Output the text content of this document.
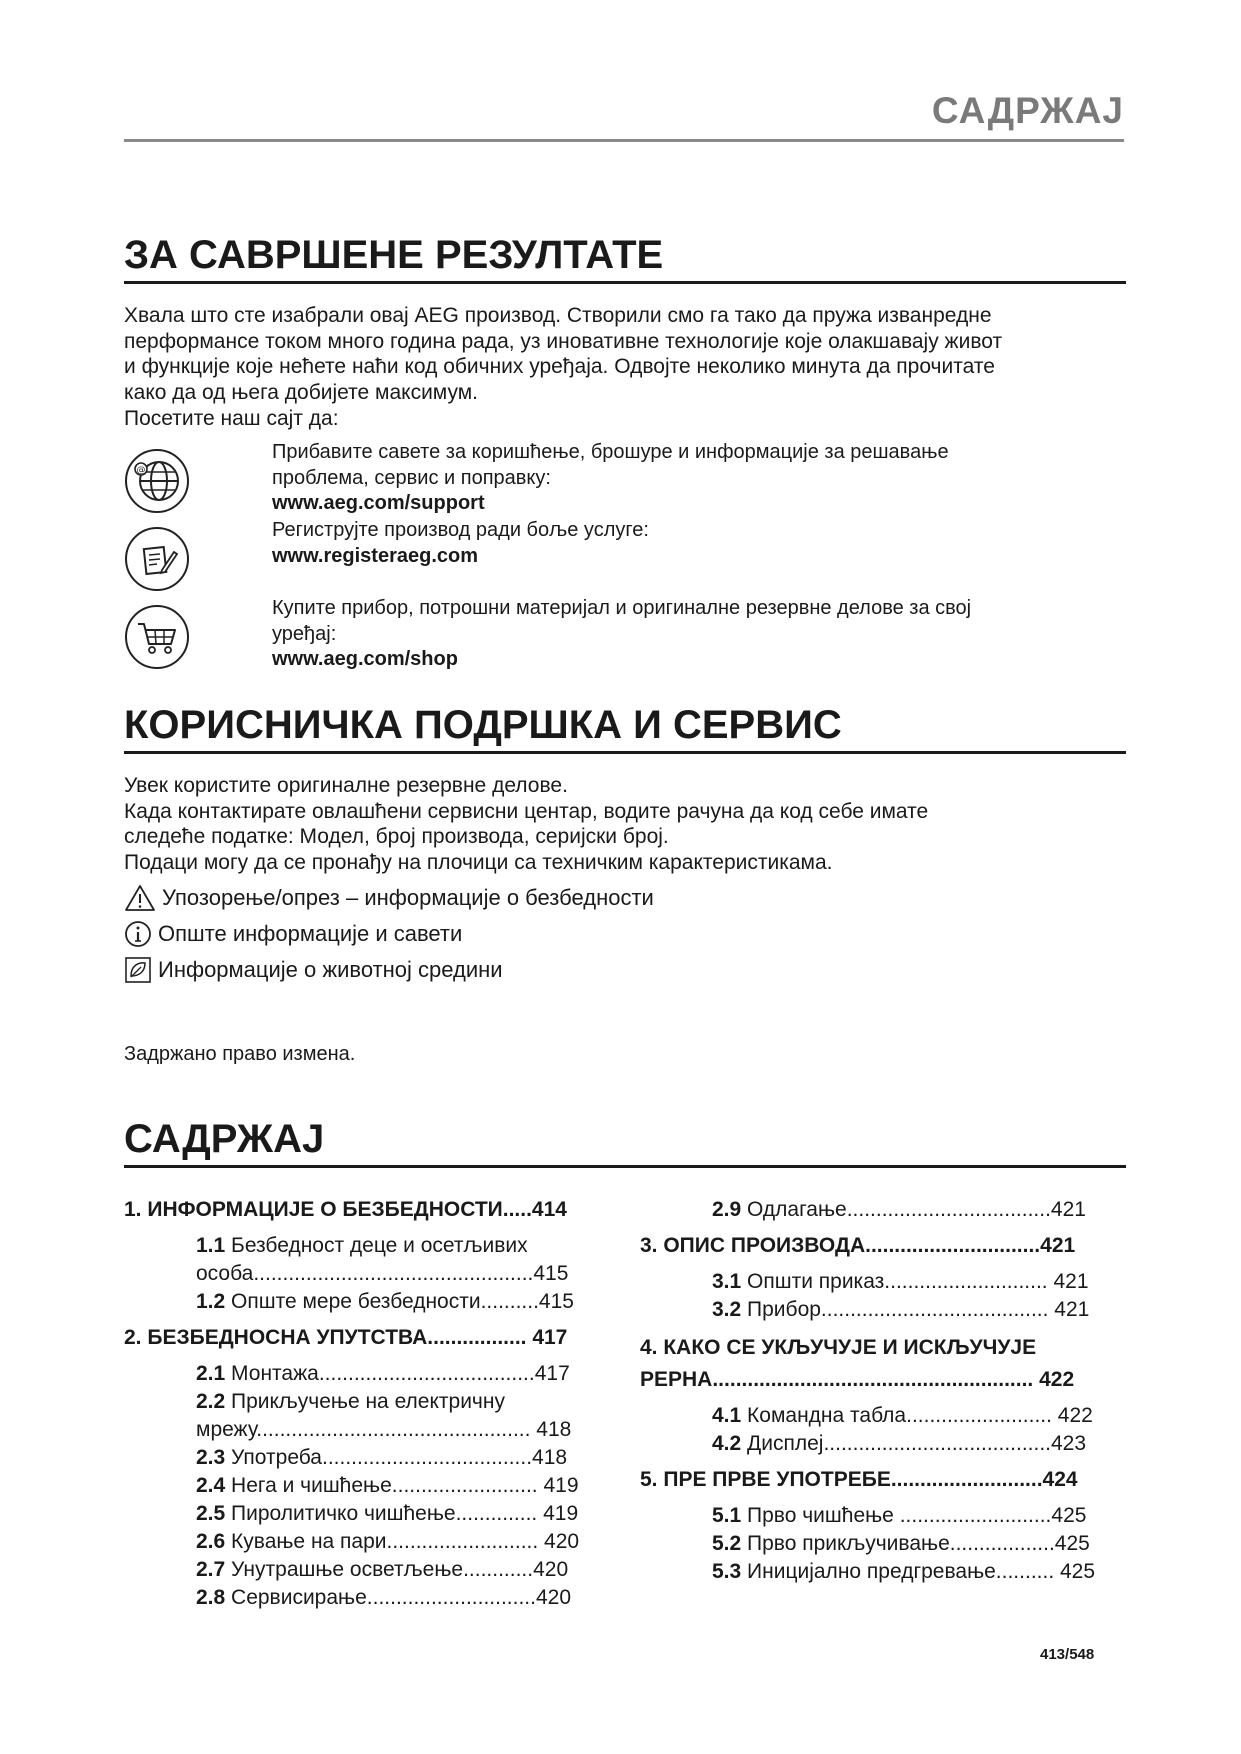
САДРЖАЈ
ЗА САВРШЕНЕ РЕЗУЛТАТЕ

Хвала што сте изабрали овај AEG производ. Створили смо га тако да пружа изванредне

перформансе током много година рада, уз иновативне технологије које олакшавају живот

и функције које нећете наћи код обичних уређаја. Одвојте неколико минута да прочитате

како да од њега добијете максимум.

Посетите наш сајт да:

@
Прибавите савете за коришћење, брошуре и информације за решавање
проблема, сервис и поправку:
www.aeg.com/support
Региструјте производ ради боље услуге:
www.registeraeg.com
Купите прибор, потрошни материјал и оригиналне резервне делове за свој
уређај:
www.aeg.com/shop
КОРИСНИЧКА ПОДРШКА И СЕРВИС

Увек користите оригиналне резервне делове.

Када контактирате овлашћени сервисни центар, водите рачуна да код себе имате

следеће податке: Модел, број производа, серијски број.

Подаци могу да се пронађу на плочици са техничким карактеристикама.

Упозорење/опрез – информације о безбедности
Опште информације и савети
Информације о животној средини
Задржано право измена.
САДРЖАЈ
1. ИНФОРМАЦИЈЕ О БЕЗБЕДНОСТИ.....414
1.1 Безбедност деце и осетљивих
особа................................................415
1.2 Опште мере безбедности..........415
2. БЕЗБЕДНОСНА УПУТСТВА................. 417
2.1 Монтажа.....................................417
2.2 Прикључење на електричну
мрежу............................................... 418
2.3 Употреба....................................418
2.4 Нега и чишћење......................... 419
2.5 Пиролитичко чишћење.............. 419
2.6 Кување на пари.......................... 420
2.7 Унутрашње осветљење............420
2.8 Сервисирање.............................420
2.9 Одлагање...................................421
3. ОПИС ПРОИЗВОДА..............................421
3.1 Општи приказ............................ 421
3.2 Прибор....................................... 421
4. КАКО СЕ УКЉУЧУЈЕ И ИСКЉУЧУЈЕ
РЕРНА....................................................... 422
4.1 Командна табла......................... 422
4.2 Дисплеј.......................................423
5. ПРЕ ПРВЕ УПОТРЕБЕ..........................424
5.1 Прво чишћење ..........................425
5.2 Прво прикључивање..................425
5.3 Иницијално предгревање.......... 425
413/548
